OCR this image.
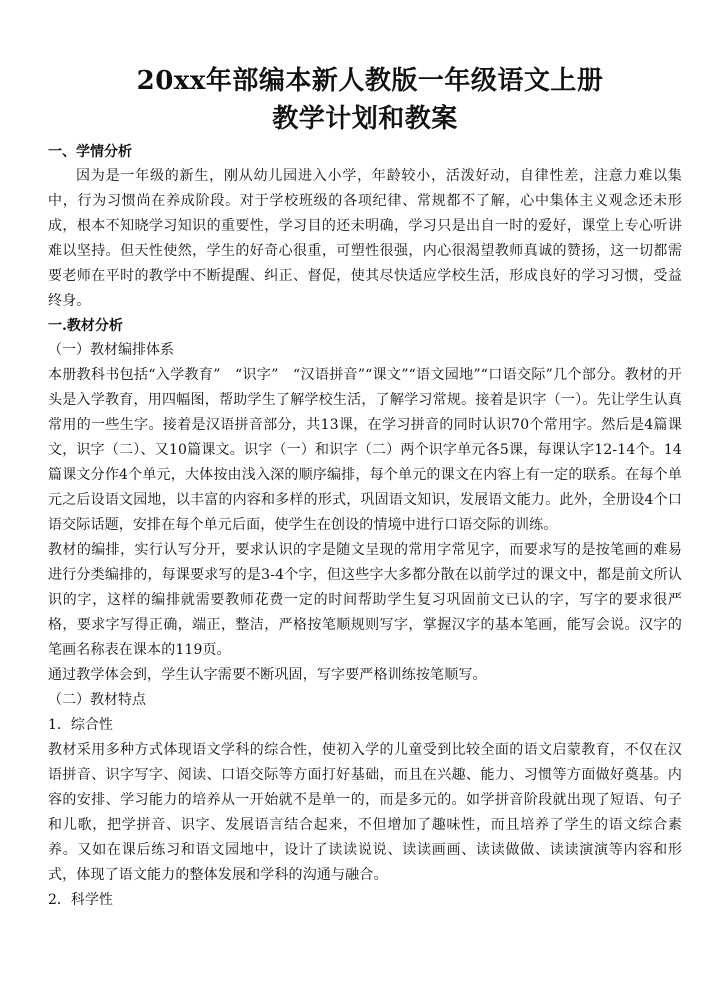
20xx年部编本新人教版一年级语文上册
教学计划和教案
一、学情分析

因为是一年级的新生，刚从幼儿园进入小学，年龄较小，活泼好动，自律性差，注意力难以集中，行为习惯尚在养成阶段。对于学校班级的各项纪律、常规都不了解，心中集体主义观念还未形成，根本不知晓学习知识的重要性，学习目的还未明确，学习只是出自一时的爱好，课堂上专心听讲难以坚持。但天性使然，学生的好奇心很重，可塑性很强，内心很渴望教师真诚的赞扬，这一切都需要老师在平时的教学中不断提醒、纠正、督促，使其尽快适应学校生活，形成良好的学习习惯，受益终身。

一.教材分析
（一）教材编排体系

本册教科书包括“入学教育”　“识字”　“汉语拼音”“课文”“语文园地”“口语交际”几个部分。教材的开头是入学教育，用四幅图，帮助学生了解学校生活，了解学习常规。接着是识字（一）。先让学生认真常用的一些生字。接着是汉语拼音部分，共13课，在学习拼音的同时认识70个常用字。然后是4篇课文，识字（二）、又10篇课文。识字（一）和识字（二）两个识字单元各5课，每课认字12-14个。14篇课文分作4个单元，大体按由浅入深的顺序编排，每个单元的课文在内容上有一定的联系。在每个单元之后设语文园地，以丰富的内容和多样的形式，巩固语文知识，发展语文能力。此外，全册设4个口语交际话题，安排在每个单元后面，使学生在创设的情境中进行口语交际的训练。

教材的编排，实行认写分开，要求认识的字是随文呈现的常用字常见字，而要求写的是按笔画的难易进行分类编排的，每课要求写的是3-4个字，但这些字大多都分散在以前学过的课文中，都是前文所认识的字，这样的编排就需要教师花费一定的时间帮助学生复习巩固前文已认的字，写字的要求很严格，要求字写得正确，端正，整洁，严格按笔顺规则写字，掌握汉字的基本笔画，能写会说。汉字的笔画名称表在课本的119页。

通过教学体会到，学生认字需要不断巩固，写字要严格训练按笔顺写。

（二）教材特点
1．综合性

教材采用多种方式体现语文学科的综合性，使初入学的儿童受到比较全面的语文启蒙教育，不仅在汉语拼音、识字写字、阅读、口语交际等方面打好基础，而且在兴趣、能力、习惯等方面做好奠基。内容的安排、学习能力的培养从一开始就不是单一的，而是多元的。如学拼音阶段就出现了短语、句子和儿歌，把学拼音、识字、发展语言结合起来，不但增加了趣味性，而且培养了学生的语文综合素养。又如在课后练习和语文园地中，设计了读读说说、读读画画、读读做做、读读演演等内容和形式，体现了语文能力的整体发展和学科的沟通与融合。

2．科学性
